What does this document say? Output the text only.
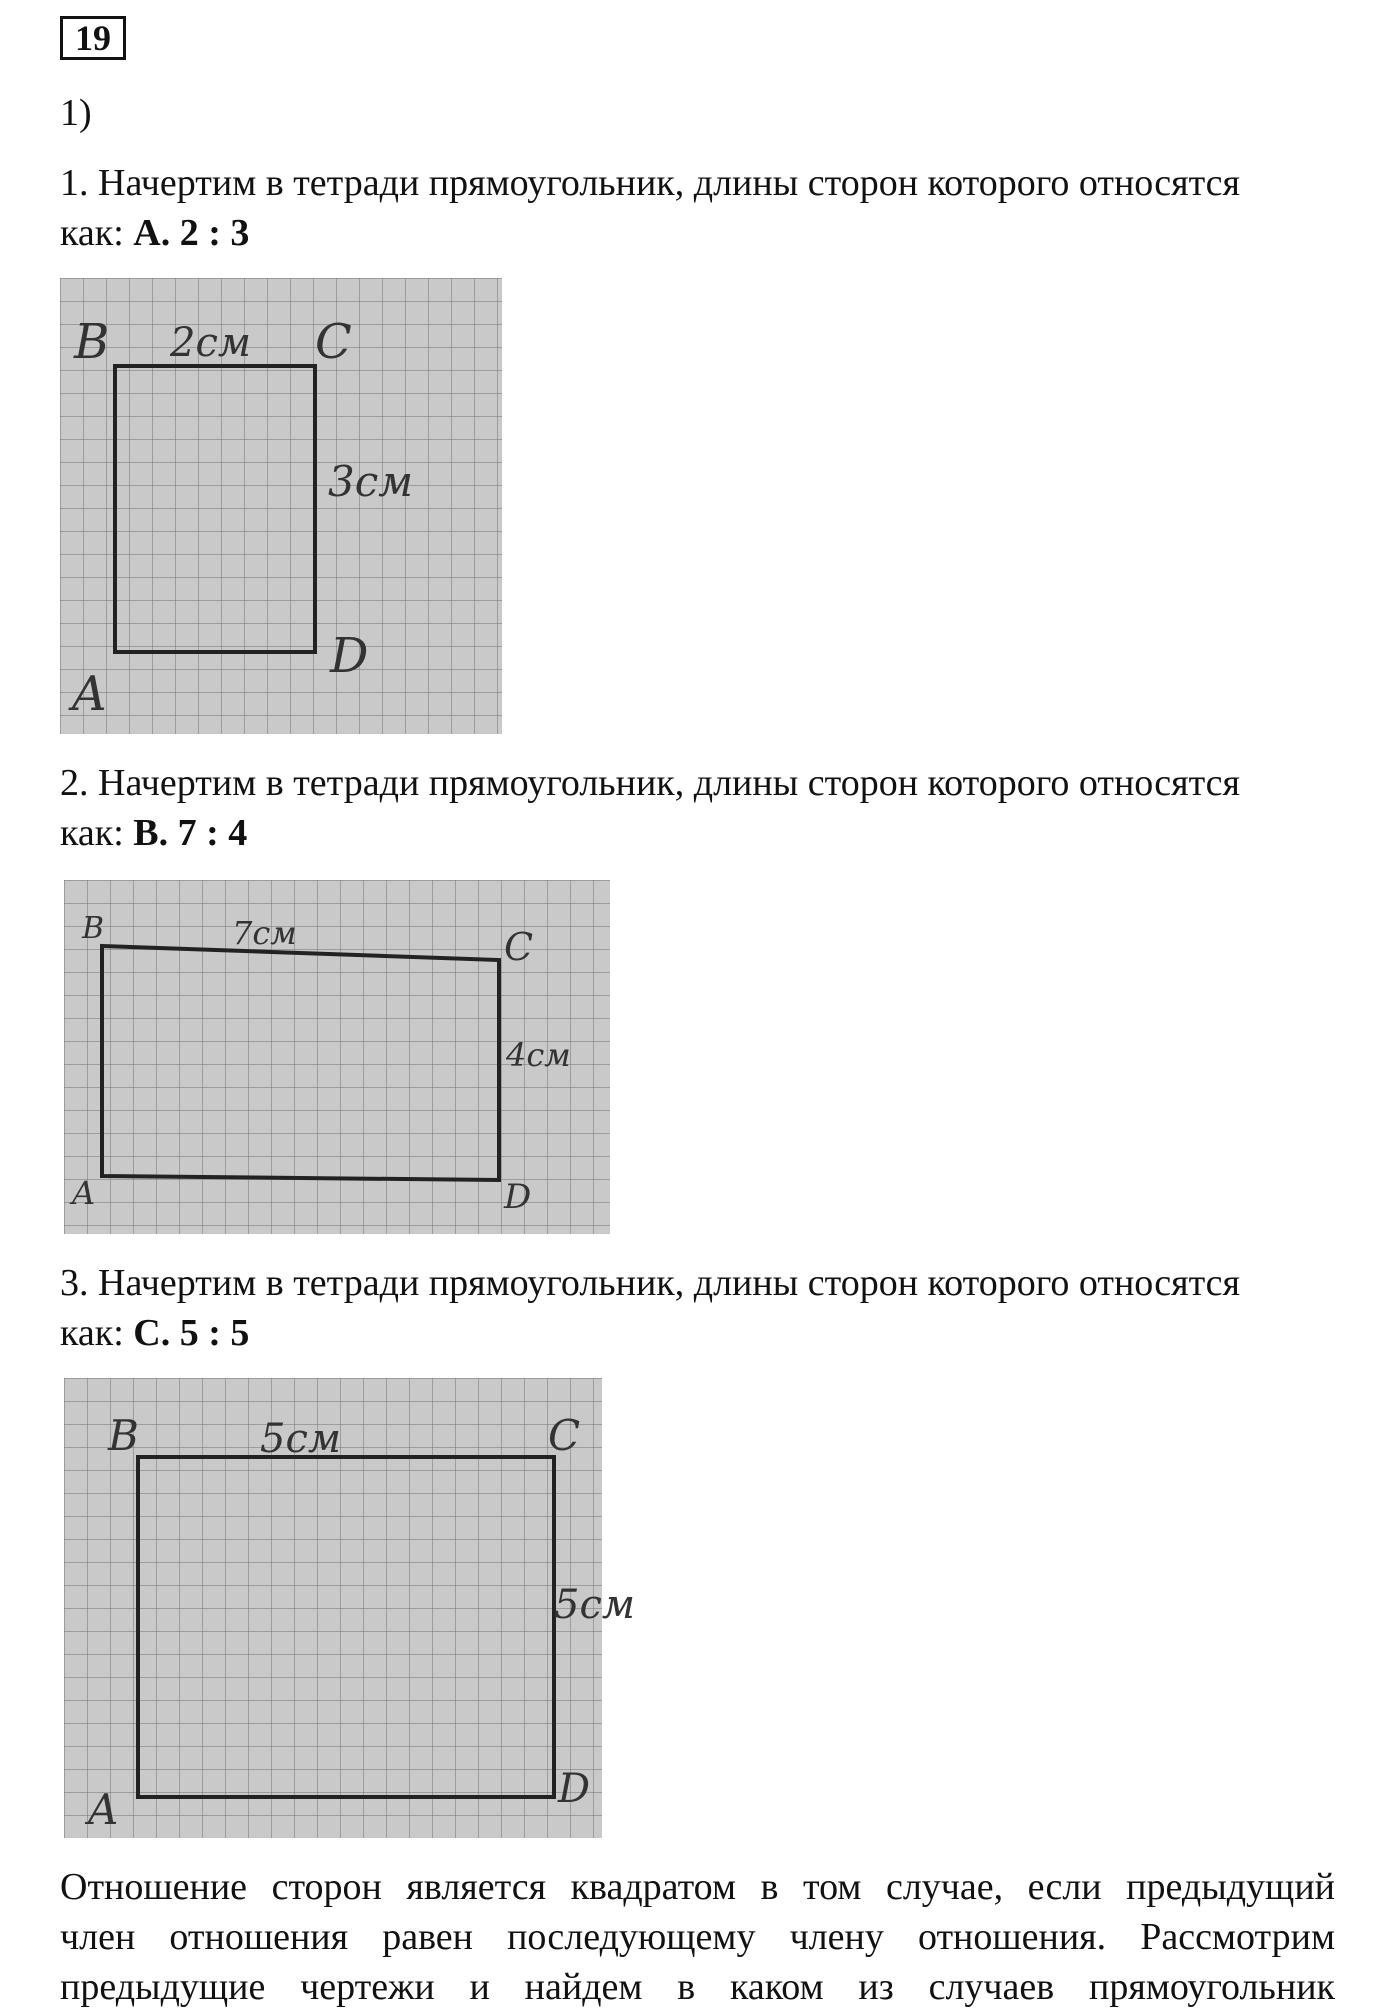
19
1)
1. Начертим в тетради прямоугольник, длины сторон которого относятся
как: А. 2 : 3
B	C
A
D
2см
3см
2. Начертим в тетради прямоугольник, длины сторон которого относятся
как: В. 7 : 4
B	C
A	D
7см
4см
3. Начертим в тетради прямоугольник, длины сторон которого относятся
как: С. 5 : 5
B	C
A	D
5см
5см
Отношение сторон является квадратом в том случае, если предыдущий
член отношения равен последующему члену отношения. Рассмотрим
предыдущие чертежи и найдем в каком из случаев прямоугольник
